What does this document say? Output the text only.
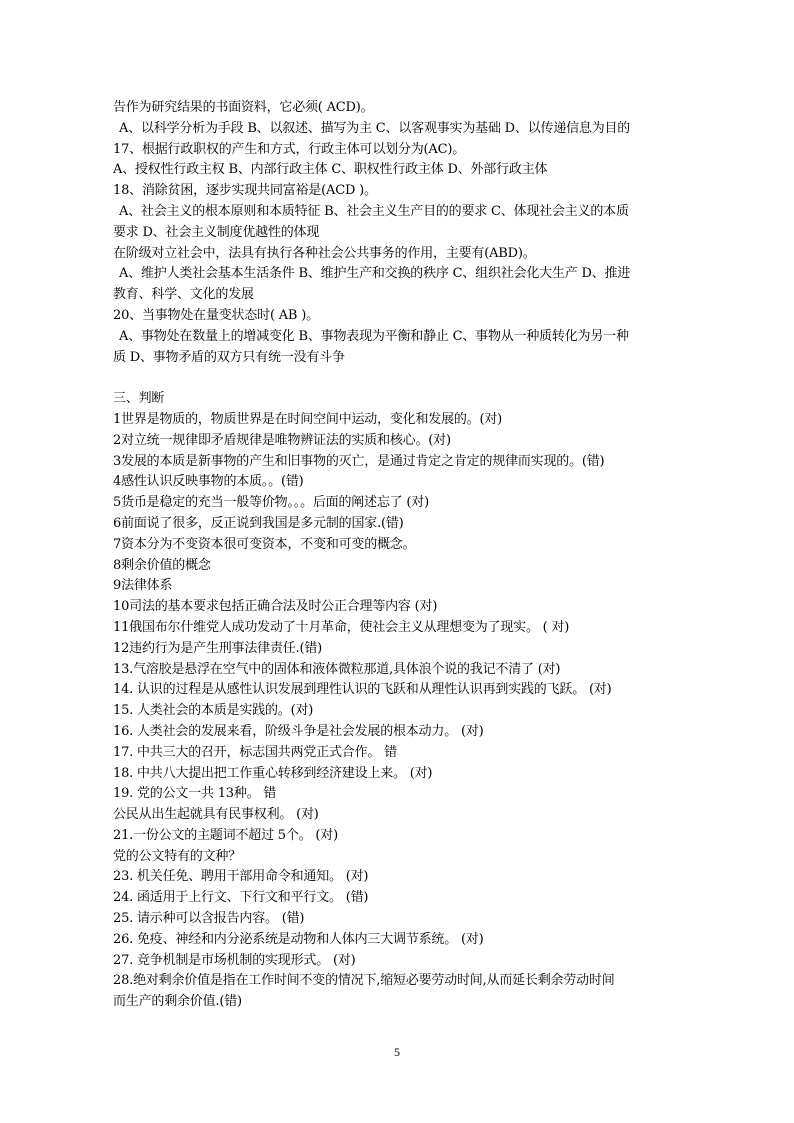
告作为研究结果的书面资料，它必须( ACD)。
A、以科学分析为手段 B、以叙述、描写为主 C、以客观事实为基础 D、以传递信息为目的
17、根据行政职权的产生和方式，行政主体可以划分为(AC)。
A、授权性行政主权 B、内部行政主体 C、职权性行政主体 D、外部行政主体
18、消除贫困，逐步实现共同富裕是(ACD )。
A、社会主义的根本原则和本质特征 B、社会主义生产目的的要求 C、体现社会主义的本质
要求 D、社会主义制度优越性的体现
在阶级对立社会中，法具有执行各种社会公共事务的作用，主要有(ABD)。
A、维护人类社会基本生活条件 B、维护生产和交换的秩序 C、组织社会化大生产 D、推进
教育、科学、文化的发展
20、当事物处在量变状态时( AB )。
A、事物处在数量上的增减变化 B、事物表现为平衡和静止 C、事物从一种质转化为另一种
质 D、事物矛盾的双方只有统一没有斗争
三、判断
1世界是物质的，物质世界是在时间空间中运动，变化和发展的。(对)
2对立统一规律即矛盾规律是唯物辨证法的实质和核心。(对)
3发展的本质是新事物的产生和旧事物的灭亡，是通过肯定之肯定的规律而实现的。(错)
4感性认识反映事物的本质。。(错)
5货币是稳定的充当一般等价物。。。后面的阐述忘了 (对)
6前面说了很多，反正说到我国是多元制的国家.(错)
7资本分为不变资本很可变资本，不变和可变的概念。
8剩余价值的概念
9法律体系
10司法的基本要求包括正确合法及时公正合理等内容 (对)
11俄国布尔什维党人成功发动了十月革命，使社会主义从理想变为了现实。 ( 对)
12违约行为是产生刑事法律责任.(错)
13.气溶胶是悬浮在空气中的固体和液体微粒那道,具体浪个说的我记不清了 (对)
14. 认识的过程是从感性认识发展到理性认识的飞跃和从理性认识再到实践的飞跃。 (对)
15. 人类社会的本质是实践的。(对)
16. 人类社会的发展来看，阶级斗争是社会发展的根本动力。 (对)
17. 中共三大的召开，标志国共两党正式合作。 错
18. 中共八大提出把工作重心转移到经济建设上来。 (对)
19. 党的公文一共 13种。 错
公民从出生起就具有民事权利。 (对)
21.一份公文的主题词不超过 5个。 (对)
党的公文特有的文种？
23. 机关任免、聘用干部用命令和通知。 (对)
24. 函适用于上行文、下行文和平行文。 (错)
25. 请示种可以含报告内容。 (错)
26. 免疫、神经和内分泌系统是动物和人体内三大调节系统。 (对)
27. 竞争机制是市场机制的实现形式。 (对)
28.绝对剩余价值是指在工作时间不变的情况下,缩短必要劳动时间,从而延长剩余劳动时间
而生产的剩余价值.(错)
5
